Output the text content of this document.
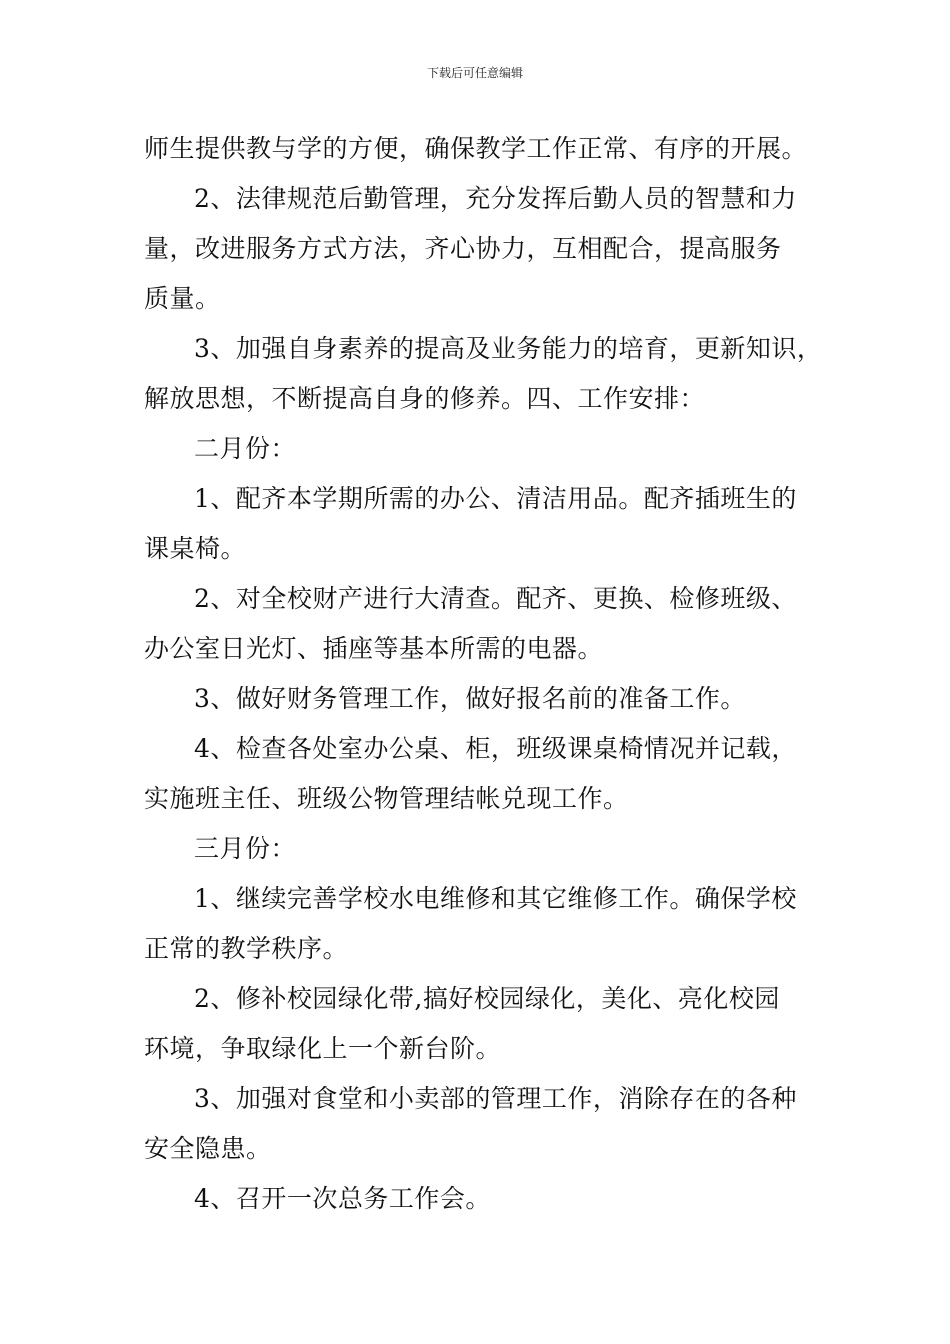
下载后可任意编辑
师生提供教与学的方便，确保教学工作正常、有序的开展。
2、法律规范后勤管理，充分发挥后勤人员的智慧和力
量，改进服务方式方法，齐心协力，互相配合，提高服务
质量。
3、加强自身素养的提高及业务能力的培育，更新知识，
解放思想，不断提高自身的修养。四、工作安排：
二月份：
1、配齐本学期所需的办公、清洁用品。配齐插班生的
课桌椅。
2、对全校财产进行大清查。配齐、更换、检修班级、
办公室日光灯、插座等基本所需的电器。
3、做好财务管理工作，做好报名前的准备工作。
4、检查各处室办公桌、柜，班级课桌椅情况并记载，
实施班主任、班级公物管理结帐兑现工作。
三月份：
1、继续完善学校水电维修和其它维修工作。确保学校
正常的教学秩序。
2、修补校园绿化带,搞好校园绿化，美化、亮化校园
环境，争取绿化上一个新台阶。
3、加强对食堂和小卖部的管理工作，消除存在的各种
安全隐患。
4、召开一次总务工作会。
